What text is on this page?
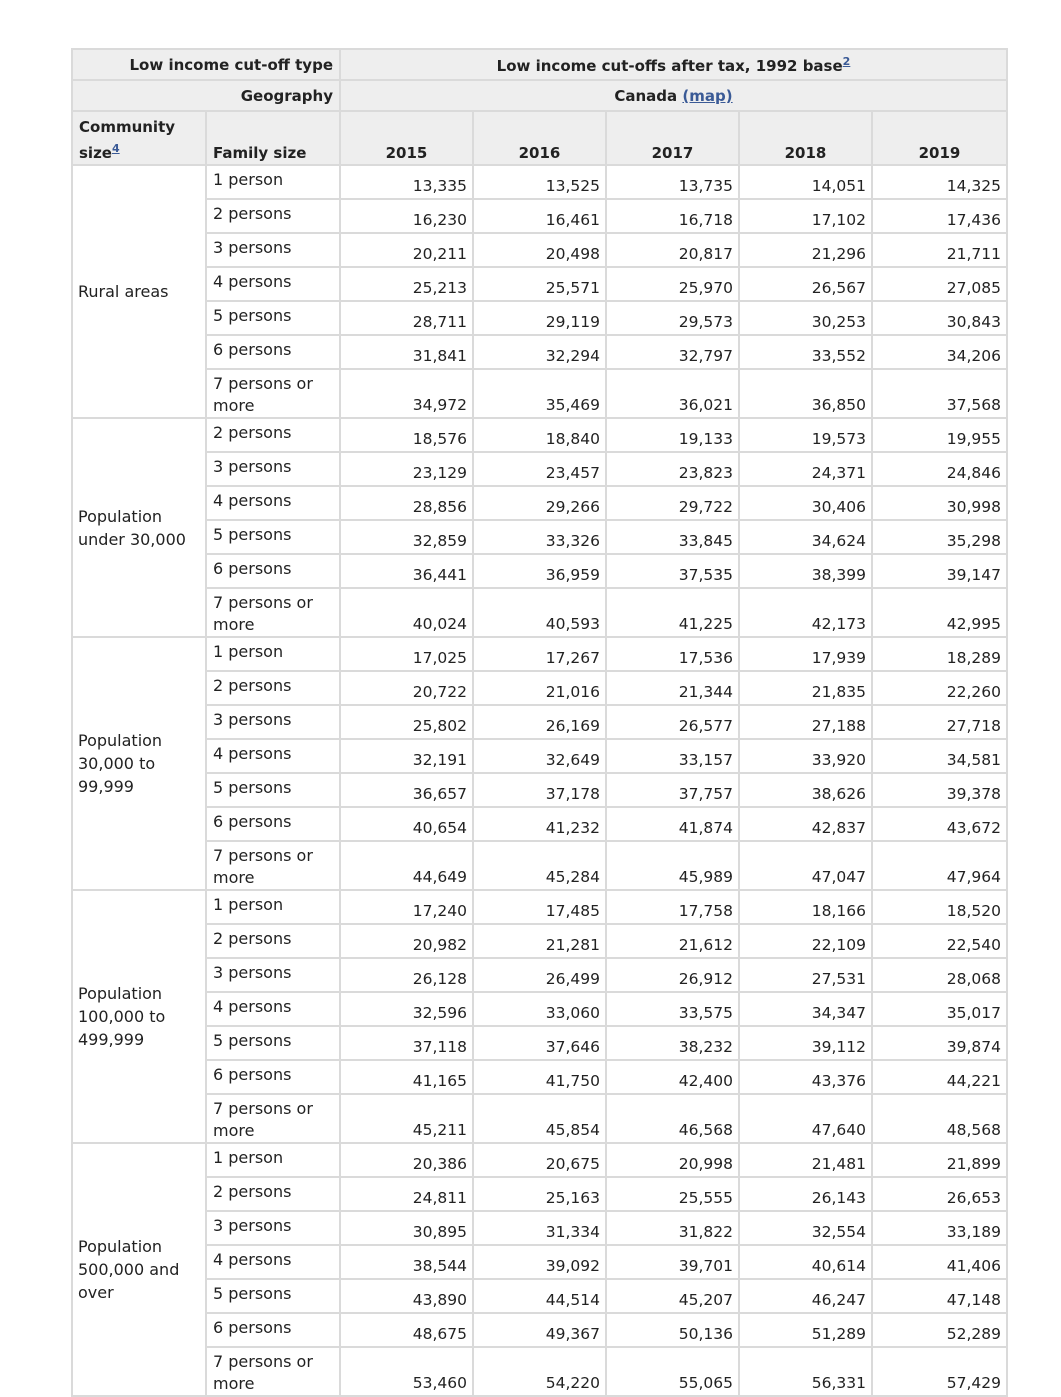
Low income cut-off type		Low income cut-offs after tax, 1992 base$^2$
Geography		Canada (map)				
Community size$^4$	Family size	2015	2016	2017	2018	2019
Rural areas	1 person	13,335	13,525	13,735	14,051	14,325
	2 persons	16,230	16,461	16,718	17,102	17,436
	3 persons	20,211	20,498	20,817	21,296	21,711
	4 persons	25,213	25,571	25,970	26,567	27,085
	5 persons	28,711	29,119	29,573	30,253	30,843
	6 persons	31,841	32,294	32,797	33,552	34,206
	7 persons or more	34,972	35,469	36,021	36,850	37,568
Population under 30,000	2 persons	18,576	18,840	19,133	19,573	19,955
	3 persons	23,129	23,457	23,823	24,371	24,846
	4 persons	28,856	29,266	29,722	30,406	30,998
	5 persons	32,859	33,326	33,845	34,624	35,298
	6 persons	36,441	36,959	37,535	38,399	39,147
	7 persons or more	40,024	40,593	41,225	42,173	42,995
Population 30,000 to 99,999	1 person	17,025	17,267	17,536	17,939	18,289
	2 persons	20,722	21,016	21,344	21,835	22,260
	3 persons	25,802	26,169	26,577	27,188	27,718
	4 persons	32,191	32,649	33,157	33,920	34,581
	5 persons	36,657	37,178	37,757	38,626	39,378
	6 persons	40,654	41,232	41,874	42,837	43,672
	7 persons or more	44,649	45,284	45,989	47,047	47,964
Population 100,000 to 499,999	1 person	17,240	17,485	17,758	18,166	18,520
	2 persons	20,982	21,281	21,612	22,109	22,540
	3 persons	26,128	26,499	26,912	27,531	28,068
	4 persons	32,596	33,060	33,575	34,347	35,017
	5 persons	37,118	37,646	38,232	39,112	39,874
	6 persons	41,165	41,750	42,400	43,376	44,221
	7 persons or more	45,211	45,854	46,568	47,640	48,568
Population 500,000 and over	1 person	20,386	20,675	20,998	21,481	21,899
	2 persons	24,811	25,163	25,555	26,143	26,653
	3 persons	30,895	31,334	31,822	32,554	33,189
	4 persons	38,544	39,092	39,701	40,614	41,406
	5 persons	43,890	44,514	45,207	46,247	47,148
	6 persons	48,675	49,367	50,136	51,289	52,289
	7 persons or more	53,460	54,220	55,065	56,331	57,429
